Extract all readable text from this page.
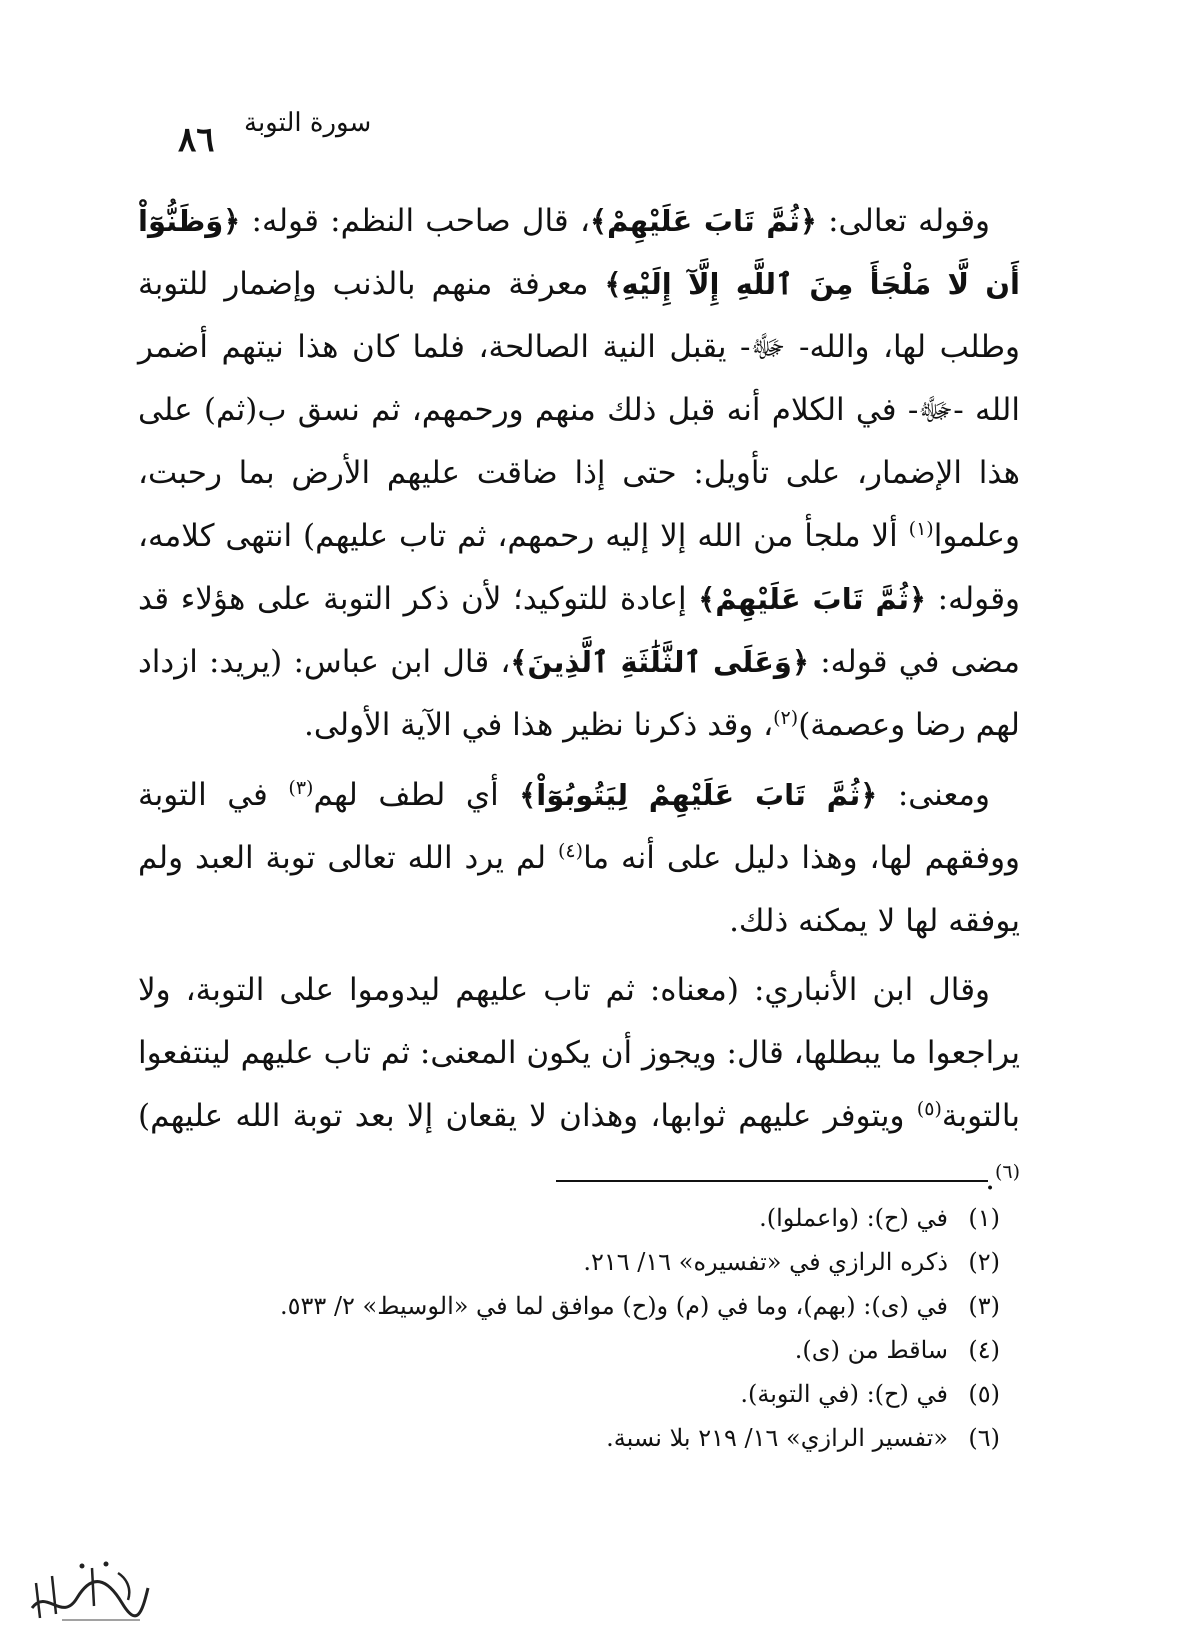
٨٦ سورة التوبة

وقوله تعالى: ﴿ثُمَّ تَابَ عَلَيْهِمْ﴾، قال صاحب النظم: قوله: ﴿وَظَنُّوٓاْ أَن لَّا مَلْجَأَ مِنَ ٱللَّهِ إِلَّآ إِلَيْهِ﴾ معرفة منهم بالذنب وإضمار للتوبة وطلب لها، والله- ﷻ- يقبل النية الصالحة، فلما كان هذا نيتهم أضمر الله -ﷻ- في الكلام أنه قبل ذلك منهم ورحمهم، ثم نسق ب(ثم) على هذا الإضمار، على تأويل: حتى إذا ضاقت عليهم الأرض بما رحبت، وعلموا$^{(١)}$ ألا ملجأ من الله إلا إليه رحمهم، ثم تاب عليهم) انتهى كلامه، وقوله: ﴿ثُمَّ تَابَ عَلَيْهِمْ﴾ إعادة للتوكيد؛ لأن ذكر التوبة على هؤلاء قد مضى في قوله: ﴿وَعَلَى ٱلثَّلَٰثَةِ ٱلَّذِينَ﴾، قال ابن عباس: (يريد: ازداد لهم رضا وعصمة)$^{(٢)}$، وقد ذكرنا نظير هذا في الآية الأولى.

ومعنى: ﴿ثُمَّ تَابَ عَلَيْهِمْ لِيَتُوبُوٓاْ﴾ أي لطف لهم$^{(٣)}$ في التوبة ووفقهم لها، وهذا دليل على أنه ما$^{(٤)}$ لم يرد الله تعالى توبة العبد ولم يوفقه لها لا يمكنه ذلك.

وقال ابن الأنباري: (معناه: ثم تاب عليهم ليدوموا على التوبة، ولا يراجعوا ما يبطلها، قال: ويجوز أن يكون المعنى: ثم تاب عليهم لينتفعوا بالتوبة$^{(٥)}$ ويتوفر عليهم ثوابها، وهذان لا يقعان إلا بعد توبة الله عليهم)$^{(٦)}$.

(١)
في (ح): (واعملوا).
(٢)
ذكره الرازي في «تفسيره» ١٦/ ٢١٦.
(٣)
في (ى): (بهم)، وما في (م) و(ح) موافق لما في «الوسيط» ٢/ ٥٣٣.
(٤)
ساقط من (ى).
(٥)
في (ح): (في التوبة).
(٦)
«تفسير الرازي» ١٦/ ٢١٩ بلا نسبة.
